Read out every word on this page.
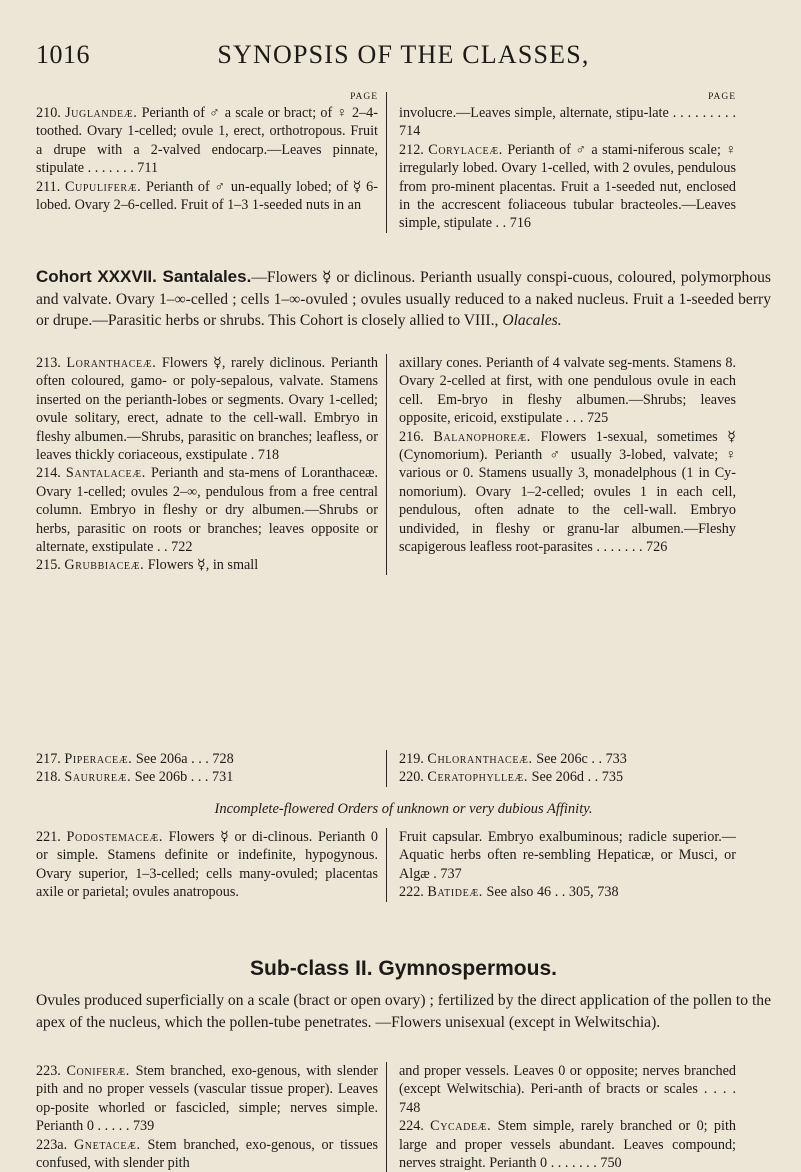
1016	SYNOPSIS OF THE CLASSES,
PAGE

210. Juglandeæ. Perianth of ♂ a scale or bract; of ♀ 2–4-toothed. Ovary 1-celled; ovule 1, erect, orthotropous. Fruit a drupe with a 2-valved endocarp.—Leaves pinnate, stipulate . . . . . . . 711

211. Cupuliferæ. Perianth of ♂ un-equally lobed; of ☿ 6-lobed. Ovary 2–6-celled. Fruit of 1–3 1-seeded nuts in an

PAGE

involucre.—Leaves simple, alternate, stipu-late . . . . . . . . . 714

212. Corylaceæ. Perianth of ♂ a stami-niferous scale; ♀ irregularly lobed. Ovary 1-celled, with 2 ovules, pendulous from pro-minent placentas. Fruit a 1-seeded nut, enclosed in the accrescent foliaceous tubular bracteoles.—Leaves simple, stipulate . . 716

Cohort XXXVII. Santalales.—Flowers ☿ or diclinous. Perianth usually conspi-cuous, coloured, polymorphous and valvate. Ovary 1–∞-celled ; cells 1–∞-ovuled ; ovules usually reduced to a naked nucleus. Fruit a 1-seeded berry or drupe.—Parasitic herbs or shrubs. This Cohort is closely allied to VIII., Olacales.

213. Loranthaceæ. Flowers ☿, rarely diclinous. Perianth often coloured, gamo- or poly-sepalous, valvate. Stamens inserted on the perianth-lobes or segments. Ovary 1-celled; ovule solitary, erect, adnate to the cell-wall. Embryo in fleshy albumen.—Shrubs, parasitic on branches; leafless, or leaves thickly coriaceous, exstipulate . 718

214. Santalaceæ. Perianth and sta-mens of Loranthaceæ. Ovary 1-celled; ovules 2–∞, pendulous from a free central column. Embryo in fleshy or dry albumen.—Shrubs or herbs, parasitic on roots or branches; leaves opposite or alternate, exstipulate . . 722

215. Grubbiaceæ. Flowers ☿, in small

axillary cones. Perianth of 4 valvate seg-ments. Stamens 8. Ovary 2-celled at first, with one pendulous ovule in each cell. Em-bryo in fleshy albumen.—Shrubs; leaves opposite, ericoid, exstipulate . . . 725

216. Balanophoreæ. Flowers 1-sexual, sometimes ☿ (Cynomorium). Perianth ♂ usually 3-lobed, valvate; ♀ various or 0. Stamens usually 3, monadelphous (1 in Cy-nomorium). Ovary 1–2-celled; ovules 1 in each cell, pendulous, often adnate to the cell-wall. Embryo undivided, in fleshy or granu-lar albumen.—Fleshy scapigerous leafless root-parasites . . . . . . . 726

217. Piperaceæ. See 206a . . . 728

218. Saurureæ. See 206b . . . 731

219. Chloranthaceæ. See 206c . . 733

220. Ceratophylleæ. See 206d . . 735

Incomplete-flowered Orders of unknown or very dubious Affinity.

221. Podostemaceæ. Flowers ☿ or di-clinous. Perianth 0 or simple. Stamens definite or indefinite, hypogynous. Ovary superior, 1–3-celled; cells many-ovuled; placentas axile or parietal; ovules anatropous.

Fruit capsular. Embryo exalbuminous; radicle superior.—Aquatic herbs often re-sembling Hepaticæ, or Musci, or Algæ . 737

222. Batideæ. See also 46 . . 305, 738

Sub-class II. Gymnospermous.
Ovules produced superficially on a scale (bract or open ovary) ; fertilized by the direct application of the pollen to the apex of the nucleus, which the pollen-tube penetrates. —Flowers unisexual (except in Welwitschia).

223. Coniferæ. Stem branched, exo-genous, with slender pith and no proper vessels (vascular tissue proper). Leaves op-posite whorled or fascicled, simple; nerves simple. Perianth 0 . . . . . 739

223a. Gnetaceæ. Stem branched, exo-genous, or tissues confused, with slender pith

and proper vessels. Leaves 0 or opposite; nerves branched (except Welwitschia). Peri-anth of bracts or scales . . . . 748

224. Cycadeæ. Stem simple, rarely branched or 0; pith large and proper vessels abundant. Leaves compound; nerves straight. Perianth 0 . . . . . . . 750
